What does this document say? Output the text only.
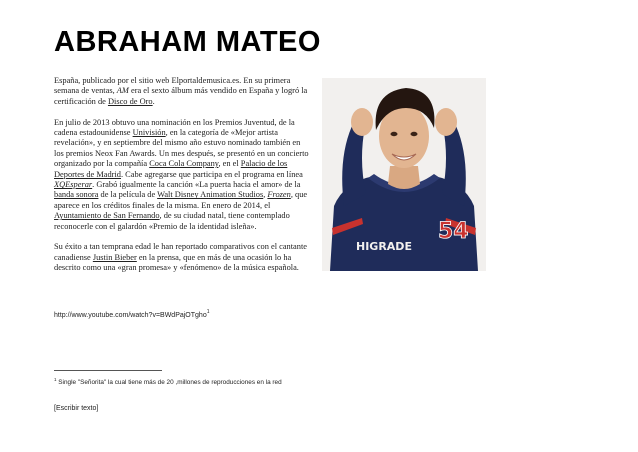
ABRAHAM MATEO

España, publicado por el sitio web Elportaldemusica.es. En su primera semana de ventas, AM era el sexto álbum más vendido en España y logró la certificación de Disco de Oro.

En julio de 2013 obtuvo una nominación en los Premios Juventud, de la cadena estadounidense Univisión, en la categoría de «Mejor artista revelación», y en septiembre del mismo año estuvo nominado también en los premios Neox Fan Awards. Un mes después, se presentó en un concierto organizado por la compañía Coca Cola Company, en el Palacio de los Deportes de Madrid. Cabe agregarse que participa en el programa en línea XQEsperar. Grabó igualmente la canción «La puerta hacia el amor» de la banda sonora de la película de Walt Disney Animation Studios, Frozen, que aparece en los créditos finales de la misma. En enero de 2014, el Ayuntamiento de San Fernando, de su ciudad natal, tiene contemplado reconocerle con el galardón «Premio de la identidad isleña».

Su éxito a tan temprana edad le han reportado comparativos con el cantante canadiense Justin Bieber en la prensa, que en más de una ocasión lo ha descrito como una «gran promesa» y «fenómeno» de la música española.

http://www.youtube.com/watch?v=BWdPajOTgho$^1$
$^1$ Single "Señorita" la cual tiene más de 20 ,millones de reproducciones en la red
[Escribir texto]
HIGRADE
54
